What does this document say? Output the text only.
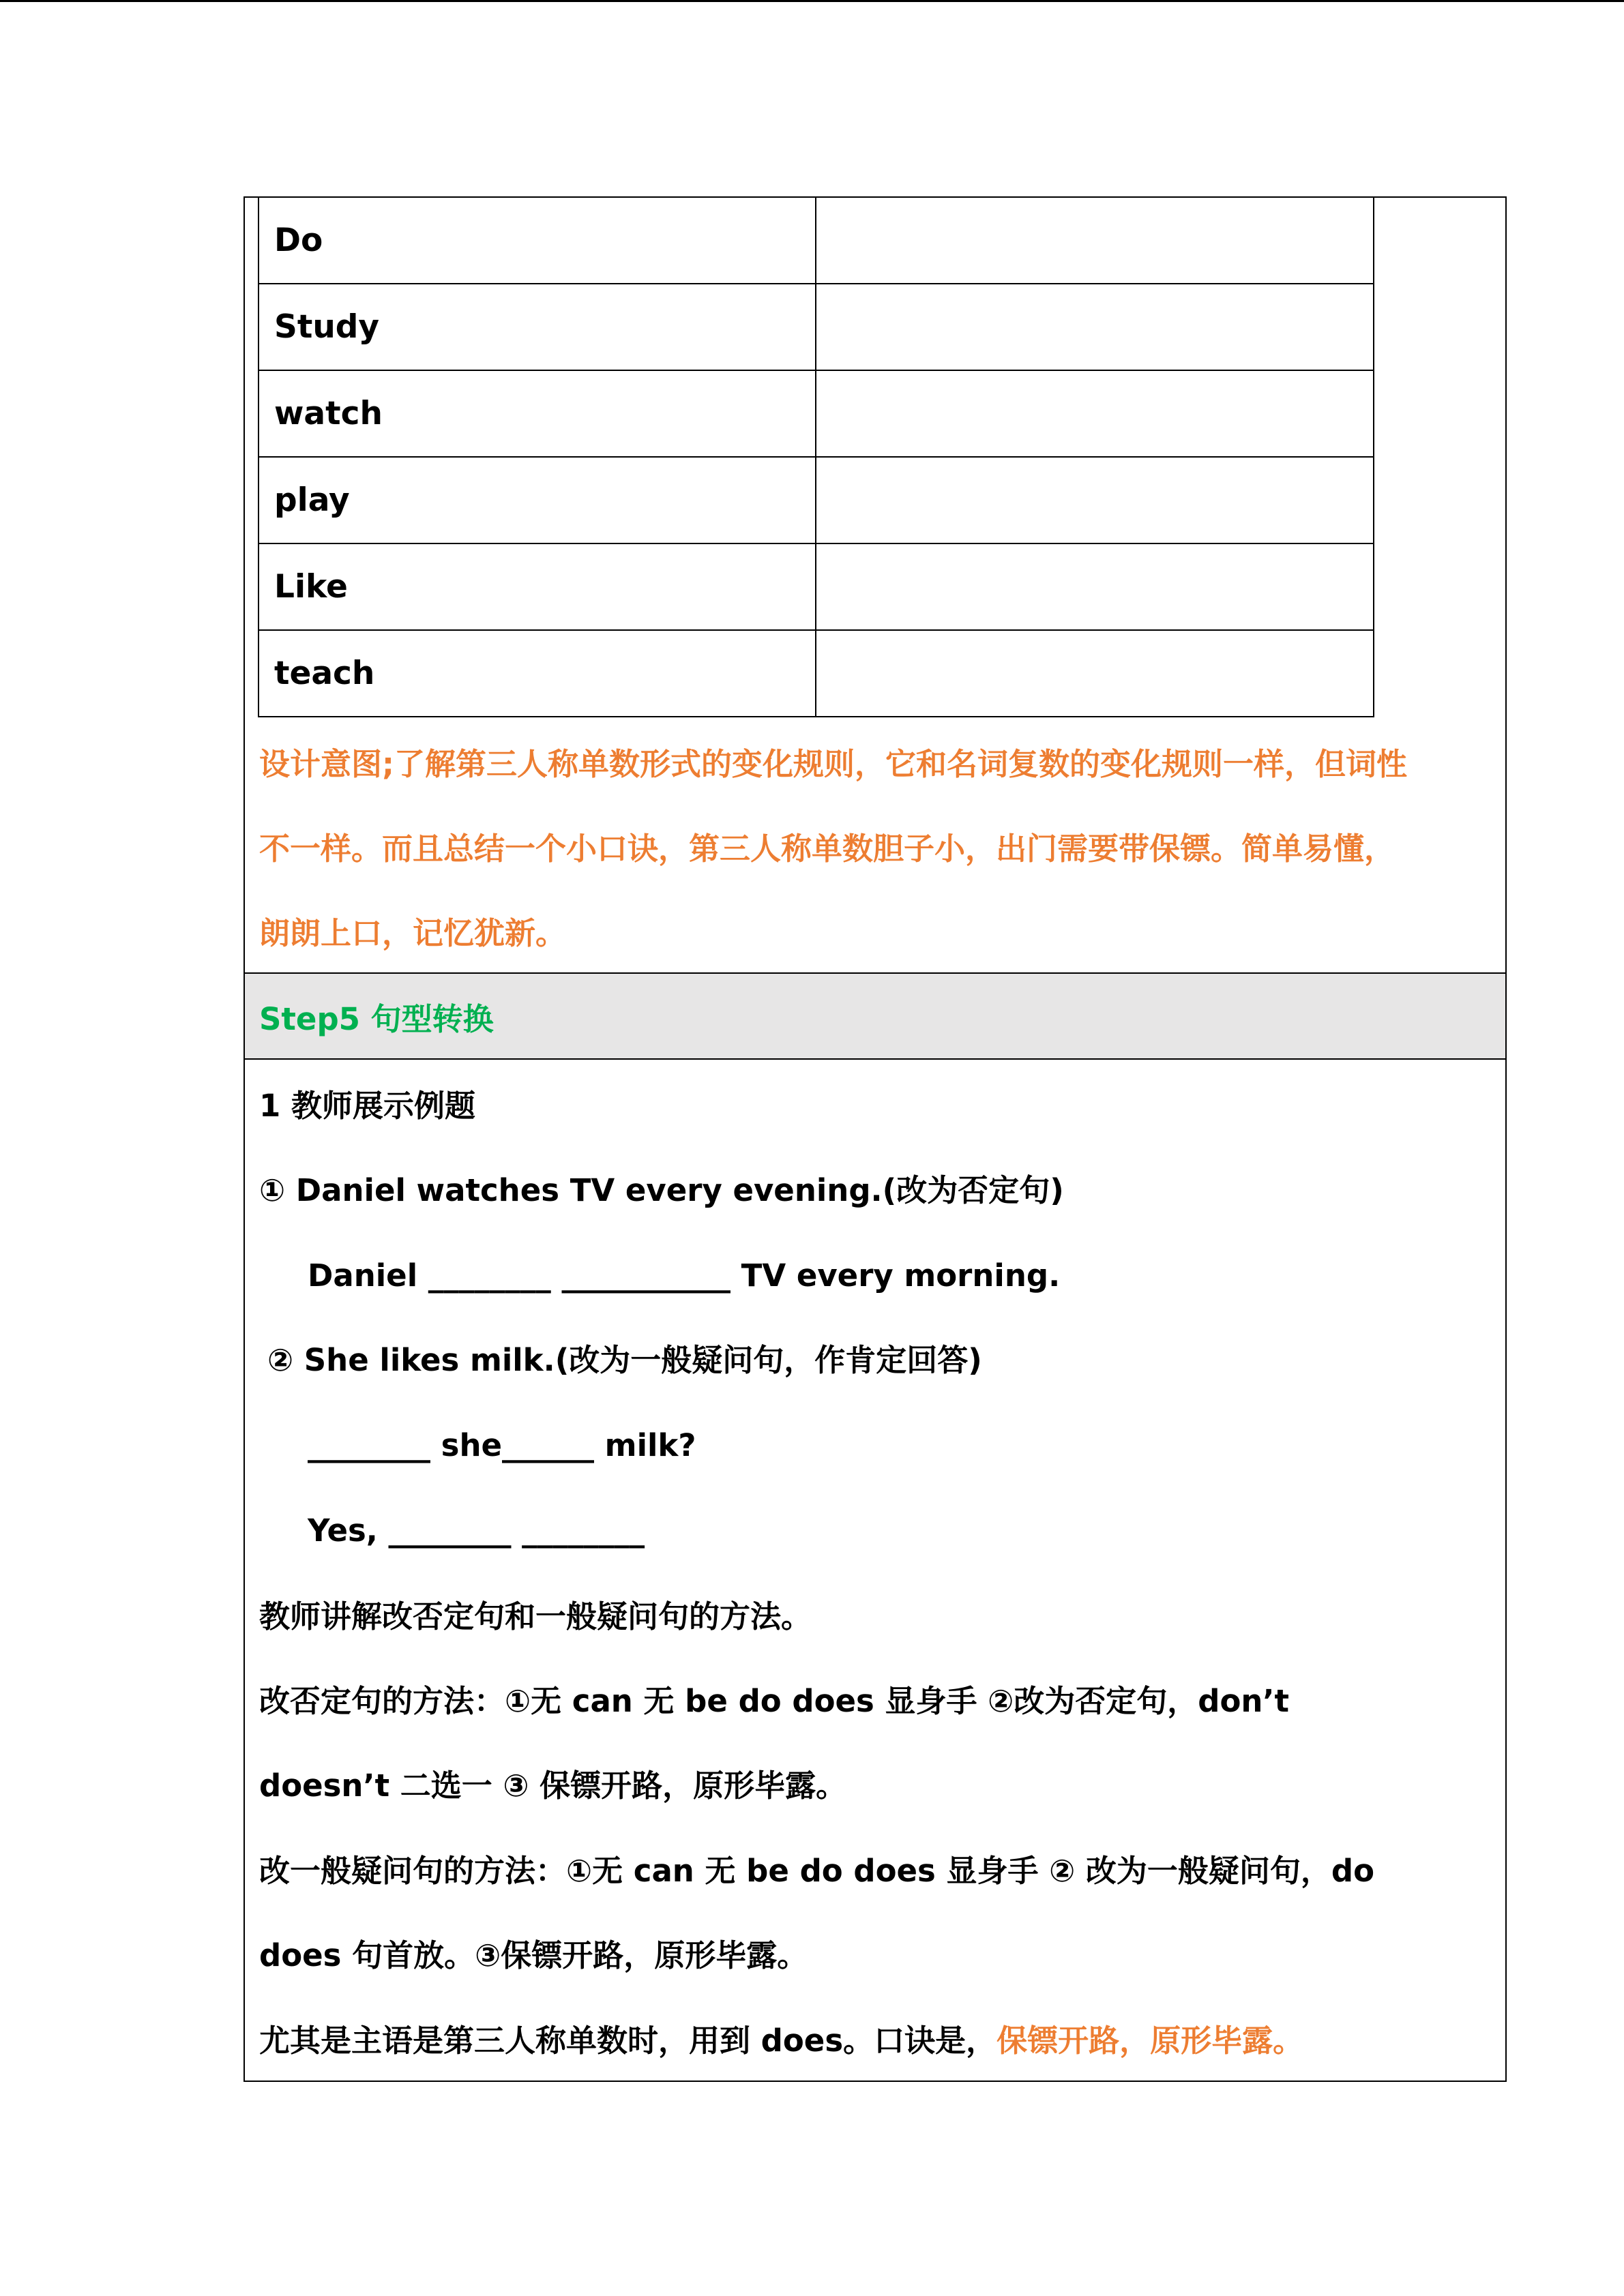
Do	
Study	
watch	
play	
Like	
teach	
设计意图;了解第三人称单数形式的变化规则，它和名词复数的变化规则一样，但词性
不一样。而且总结一个小口诀，第三人称单数胆子小，出门需要带保镖。简单易懂，
朗朗上口，记忆犹新。
Step5 句型转换
1 教师展示例题
① Daniel watches TV every evening.(改为否定句)
Daniel ________ ___________ TV every morning.
② She likes milk.(改为一般疑问句，作肯定回答)
________ she______ milk?
Yes, ________ ________
教师讲解改否定句和一般疑问句的方法。
改否定句的方法：①无 can 无 be do does 显身手 ②改为否定句，don’t
doesn’t 二选一 ③ 保镖开路，原形毕露。
改一般疑问句的方法：①无 can 无 be do does 显身手 ② 改为一般疑问句，do
does 句首放。③保镖开路，原形毕露。
尤其是主语是第三人称单数时，用到 does。口诀是，保镖开路，原形毕露。
